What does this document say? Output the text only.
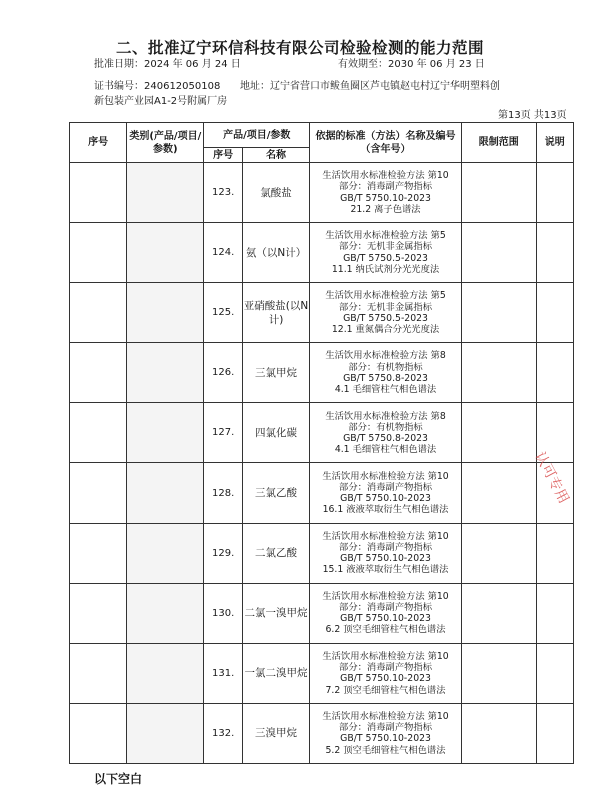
二、批准辽宁环信科技有限公司检验检测的能力范围
批准日期：2024 年 06 月 24 日	有效期至：2030 年 06 月 23 日
证书编号：240612050108 地址：辽宁省营口市鲅鱼圈区芦屯镇赵屯村辽宁华明塑料创
新包装产业园A1-2号附属厂房
第13页 共13页
序号	类别(产品/项目/参数)	产品/项目/参数		依据的标准（方法）名称及编号（含年号）	限制范围	说明
		序号	名称			
		123.	氯酸盐	生活饮用水标准检验方法 第10
部分：消毒副产物指标
GB/T 5750.10-2023
21.2 离子色谱法		

		124.	氨（以N计）	生活饮用水标准检验方法 第5
部分：无机非金属指标
GB/T 5750.5-2023
11.1 纳氏试剂分光光度法		

		125.	亚硝酸盐(以N计)	生活饮用水标准检验方法 第5
部分：无机非金属指标
GB/T 5750.5-2023
12.1 重氮偶合分光光度法		

		126.	三氯甲烷	生活饮用水标准检验方法 第8
部分：有机物指标
GB/T 5750.8-2023
4.1 毛细管柱气相色谱法		

		127.	四氯化碳	生活饮用水标准检验方法 第8
部分：有机物指标
GB/T 5750.8-2023
4.1 毛细管柱气相色谱法		

		128.	三氯乙酸	生活饮用水标准检验方法 第10
部分：消毒副产物指标
GB/T 5750.10-2023
16.1 液液萃取衍生气相色谱法		

		129.	二氯乙酸	生活饮用水标准检验方法 第10
部分：消毒副产物指标
GB/T 5750.10-2023
15.1 液液萃取衍生气相色谱法		

		130.	二氯一溴甲烷	生活饮用水标准检验方法 第10
部分：消毒副产物指标
GB/T 5750.10-2023
6.2 顶空毛细管柱气相色谱法		

		131.	一氯二溴甲烷	生活饮用水标准检验方法 第10
部分：消毒副产物指标
GB/T 5750.10-2023
7.2 顶空毛细管柱气相色谱法		

		132.	三溴甲烷	生活饮用水标准检验方法 第10
部分：消毒副产物指标
GB/T 5750.10-2023
5.2 顶空毛细管柱气相色谱法		

以下空白
认可专用
